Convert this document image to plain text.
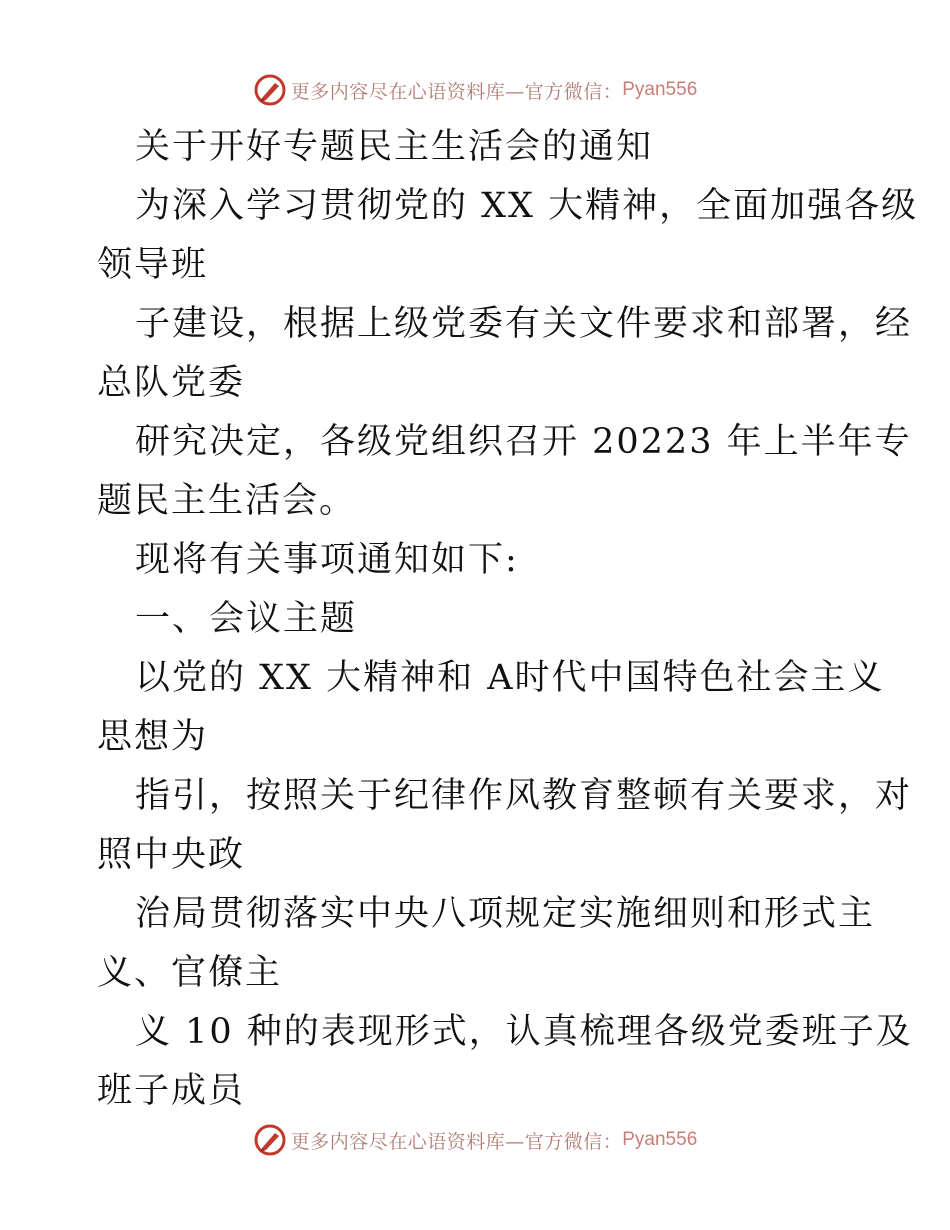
更多内容尽在心语资料库—官方微信： Pyan556
关于开好专题民主生活会的通知
为深入学习贯彻党的 XX 大精神，全面加强各级
领导班
子建设，根据上级党委有关文件要求和部署，经
总队党委
研究决定，各级党组织召开 20223 年上半年专
题民主生活会。
现将有关事项通知如下:
一、会议主题
以党的 XX 大精神和 A时代中国特色社会主义
思想为
指引，按照关于纪律作风教育整顿有关要求，对
照中央政
治局贯彻落实中央八项规定实施细则和形式主
义、官僚主
义 10 种的表现形式，认真梳理各级党委班子及
班子成员
更多内容尽在心语资料库—官方微信： Pyan556
